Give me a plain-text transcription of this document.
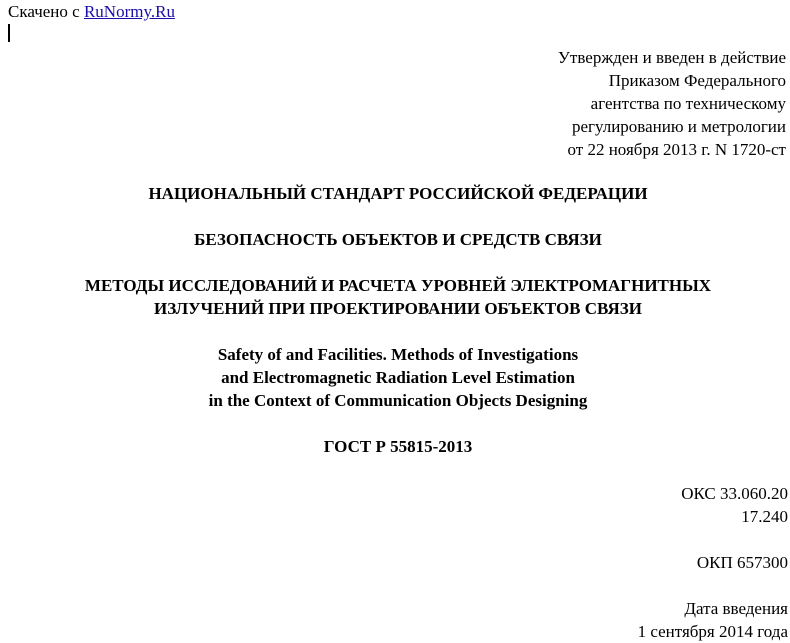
Скачено с RuNormy.Ru
Утвержден и введен в действие
Приказом Федерального
агентства по техническому
регулированию и метрологии
от 22 ноября 2013 г. N 1720-ст
НАЦИОНАЛЬНЫЙ СТАНДАРТ РОССИЙСКОЙ ФЕДЕРАЦИИ
БЕЗОПАСНОСТЬ ОБЪЕКТОВ И СРЕДСТВ СВЯЗИ
МЕТОДЫ ИССЛЕДОВАНИЙ И РАСЧЕТА УРОВНЕЙ ЭЛЕКТРОМАГНИТНЫХ
ИЗЛУЧЕНИЙ ПРИ ПРОЕКТИРОВАНИИ ОБЪЕКТОВ СВЯЗИ
Safety of and Facilities. Methods of Investigations
and Electromagnetic Radiation Level Estimation
in the Context of Communication Objects Designing
ГОСТ Р 55815-2013
ОКС 33.060.20
17.240
ОКП 657300
Дата введения
1 сентября 2014 года
